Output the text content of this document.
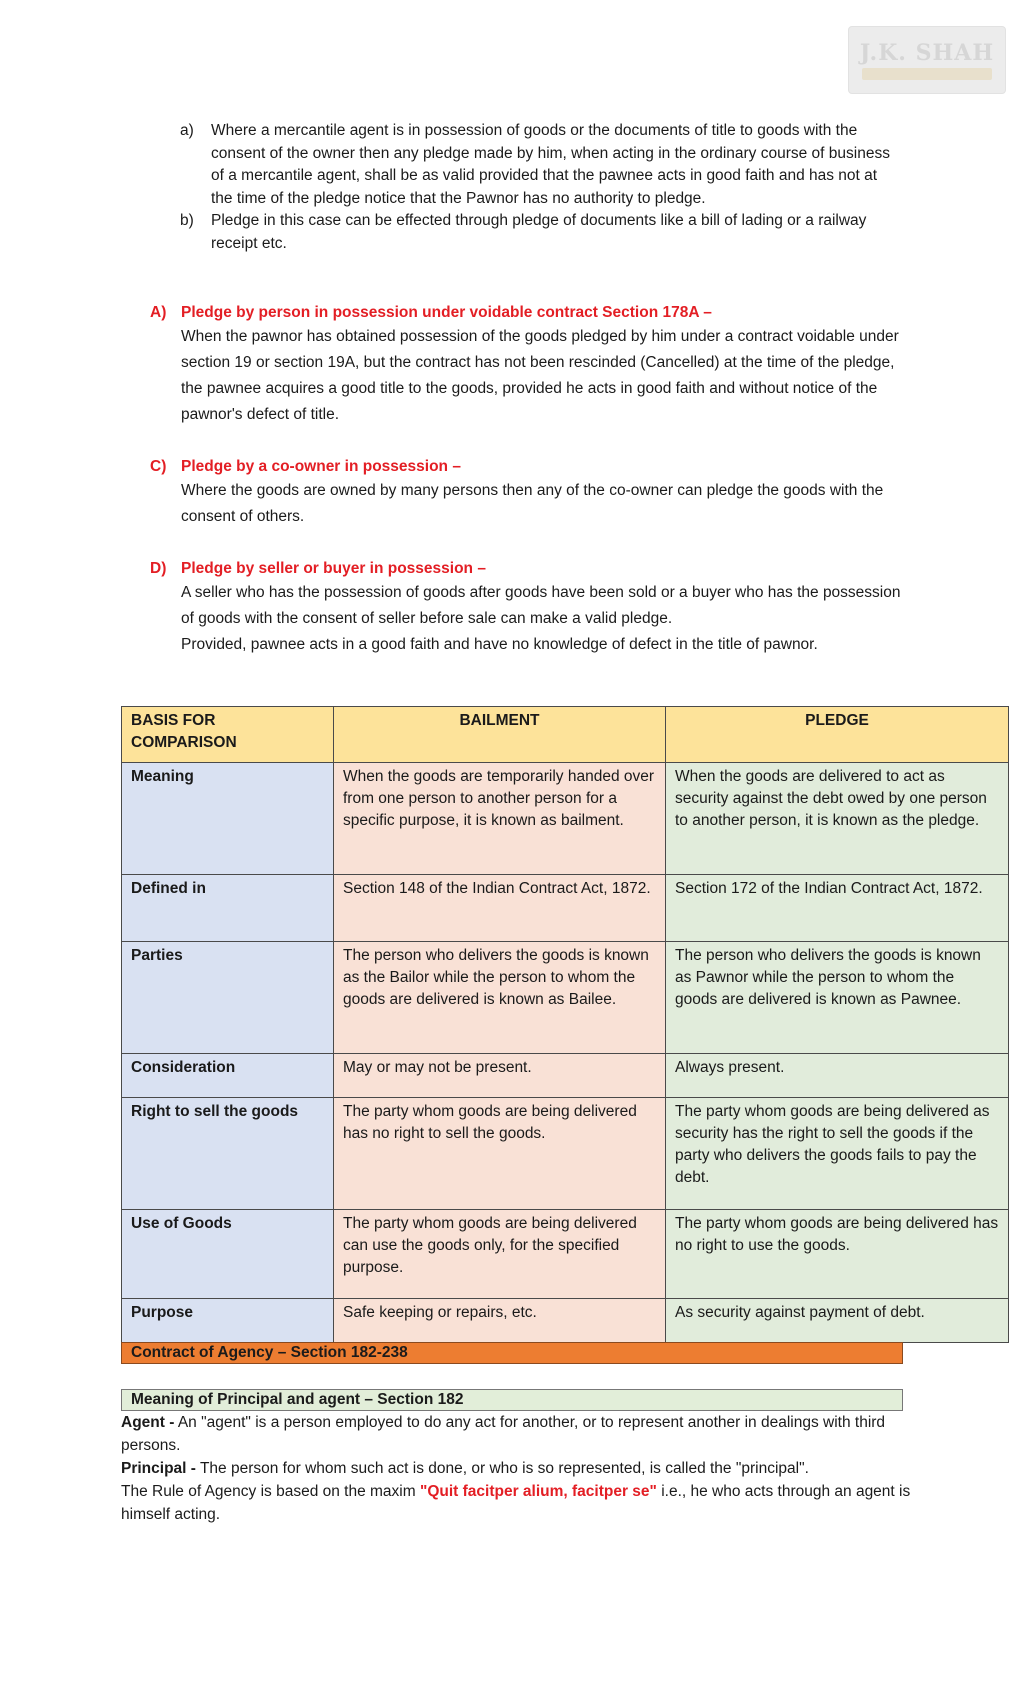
J.K. SHAH
a)	Where a mercantile agent is in possession of goods or the documents of title to goods with the consent of the owner then any pledge made by him, when acting in the ordinary course of business of a mercantile agent, shall be as valid provided that the pawnee acts in good faith and has not at the time of the pledge notice that the Pawnor has no authority to pledge.
b)	Pledge in this case can be effected through pledge of documents like a bill of lading or a railway receipt etc.
A) Pledge by person in possession under voidable contract Section 178A –
When the pawnor has obtained possession of the goods pledged by him under a contract voidable under section 19 or section 19A, but the contract has not been rescinded (Cancelled) at the time of the pledge, the pawnee acquires a good title to the goods, provided he acts in good faith and without notice of the pawnor's defect of title.
C) Pledge by a co-owner in possession –
Where the goods are owned by many persons then any of the co-owner can pledge the goods with the consent of others.
D) Pledge by seller or buyer in possession –
A seller who has the possession of goods after goods have been sold or a buyer who has the possession of goods with the consent of seller before sale can make a valid pledge.
Provided, pawnee acts in a good faith and have no knowledge of defect in the title of pawnor.
BASIS FOR COMPARISON	BAILMENT	PLEDGE
Meaning	When the goods are temporarily handed over from one person to another person for a specific purpose, it is known as bailment.	When the goods are delivered to act as security against the debt owed by one person to another person, it is known as the pledge.
Defined in	Section 148 of the Indian Contract Act, 1872.	Section 172 of the Indian Contract Act, 1872.
Parties	The person who delivers the goods is known as the Bailor while the person to whom the goods are delivered is known as Bailee.	The person who delivers the goods is known as Pawnor while the person to whom the goods are delivered is known as Pawnee.
Consideration	May or may not be present.	Always present.
Right to sell the goods	The party whom goods are being delivered has no right to sell the goods.	The party whom goods are being delivered as security has the right to sell the goods if the party who delivers the goods fails to pay the debt.
Use of Goods	The party whom goods are being delivered can use the goods only, for the specified purpose.	The party whom goods are being delivered has no right to use the goods.
Purpose	Safe keeping or repairs, etc.	As security against payment of debt.
Contract of Agency – Section 182-238
Meaning of Principal and agent – Section 182
Agent - An "agent" is a person employed to do any act for another, or to represent another in dealings with third persons.
Principal - The person for whom such act is done, or who is so represented, is called the "principal".
The Rule of Agency is based on the maxim "Quit facitper alium, facitper se" i.e., he who acts through an agent is himself acting.
